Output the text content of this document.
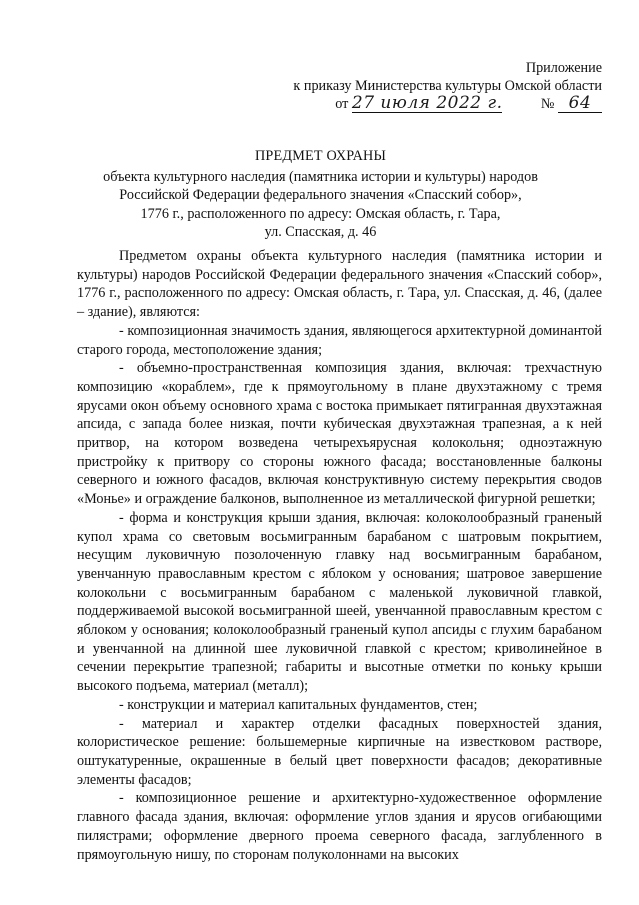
Приложение
к приказу Министерства культуры Омской области
от 27 июля 2022 г.	№ 64
ПРЕДМЕТ ОХРАНЫ
объекта культурного наследия (памятника истории и культуры) народов
Российской Федерации федерального значения «Спасский собор»,
1776 г., расположенного по адресу: Омская область, г. Тара,
ул. Спасская, д. 46

Предметом охраны объекта культурного наследия (памятника истории и культуры) народов Российской Федерации федерального значения «Спасский собор», 1776 г., расположенного по адресу: Омская область, г. Тара, ул. Спасская, д. 46, (далее – здание), являются:

- композиционная значимость здания, являющегося архитектурной доминантой старого города, местоположение здания;

- объемно-пространственная композиция здания, включая: трехчастную композицию «кораблем», где к прямоугольному в плане двухэтажному с тремя ярусами окон объему основного храма с востока примыкает пятигранная двухэтажная апсида, с запада более низкая, почти кубическая двухэтажная трапезная, а к ней притвор, на котором возведена четырехъярусная колокольня; одноэтажную пристройку к притвору со стороны южного фасада; восстановленные балконы северного и южного фасадов, включая конструктивную систему перекрытия сводов «Монье» и ограждение балконов, выполненное из металлической фигурной решетки;

- форма и конструкция крыши здания, включая: колоколообразный граненый купол храма со световым восьмигранным барабаном с шатровым покрытием, несущим луковичную позолоченную главку над восьмигранным барабаном, увенчанную православным крестом с яблоком у основания; шатровое завершение колокольни с восьмигранным барабаном с маленькой луковичной главкой, поддерживаемой высокой восьмигранной шеей, увенчанной православным крестом с яблоком у основания; колоколообразный граненый купол апсиды с глухим барабаном и увенчанной на длинной шее луковичной главкой с крестом; криволинейное в сечении перекрытие трапезной; габариты и высотные отметки по коньку крыши высокого подъема, материал (металл);

- конструкции и материал капитальных фундаментов, стен;

- материал и характер отделки фасадных поверхностей здания, колористическое решение: большемерные кирпичные на известковом растворе, оштукатуренные, окрашенные в белый цвет поверхности фасадов; декоративные элементы фасадов;

- композиционное решение и архитектурно-художественное оформление главного фасада здания, включая: оформление углов здания и ярусов огибающими пилястрами; оформление дверного проема северного фасада, заглубленного в прямоугольную нишу, по сторонам полуколоннами на высоких
